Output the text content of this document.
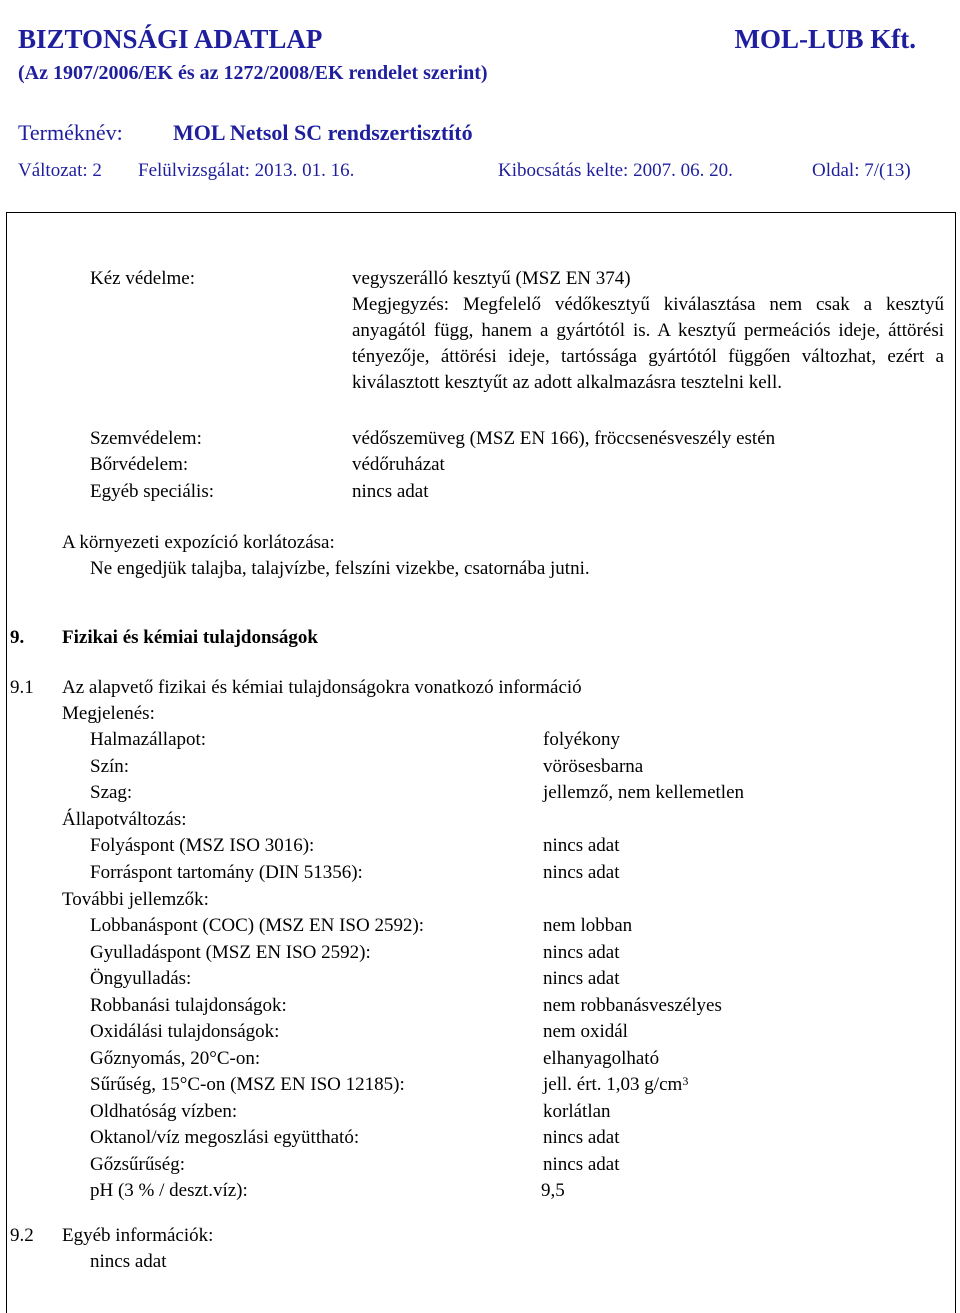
BIZTONSÁGI ADATLAP	MOL-LUB Kft.
(Az 1907/2006/EK és az 1272/2008/EK rendelet szerint)
Terméknév: MOL Netsol SC rendszertisztító
Változat: 2 Felülvizsgálat: 2013. 01. 16.	Kibocsátás kelte: 2007. 06. 20.	Oldal: 7/(13)
Kéz védelme:	vegyszerálló kesztyű (MSZ EN 374)
Megjegyzés: Megfelelő védőkesztyű kiválasztása nem csak a kesztyű anyagától függ, hanem a gyártótól is. A kesztyű permeációs ideje, áttörési tényezője, áttörési ideje, tartóssága gyártótól függően változhat, ezért a kiválasztott kesztyűt az adott alkalmazásra tesztelni kell.
Szemvédelem:	védőszemüveg (MSZ EN 166), fröccsenésveszély estén
Bőrvédelem:	védőruházat
Egyéb speciális:	nincs adat
A környezeti expozíció korlátozása:
Ne engedjük talajba, talajvízbe, felszíni vizekbe, csatornába jutni.
9. Fizikai és kémiai tulajdonságok
9.1 Az alapvető fizikai és kémiai tulajdonságokra vonatkozó információ
Megjelenés:
Állapotváltozás:
További jellemzők:
Halmazállapot:	folyékony
Szín:	vörösesbarna
Szag:	jellemző, nem kellemetlen
Folyáspont (MSZ ISO 3016):	nincs adat
Forráspont tartomány (DIN 51356):	nincs adat
Lobbanáspont (COC) (MSZ EN ISO 2592):	nem lobban
Gyulladáspont (MSZ EN ISO 2592):	nincs adat
Öngyulladás:	nincs adat
Robbanási tulajdonságok:	nem robbanásveszélyes
Oxidálási tulajdonságok:	nem oxidál
Gőznyomás, 20°C-on:	elhanyagolható
Sűrűség, 15°C-on (MSZ EN ISO 12185):	jell. ért. 1,03 $g/cm^3$
Oldhatóság vízben:	korlátlan
Oktanol/víz megoszlási együttható:	nincs adat
Gőzsűrűség:	nincs adat
pH (3 % / deszt.víz):	9,5
9.2 Egyéb információk:
nincs adat
